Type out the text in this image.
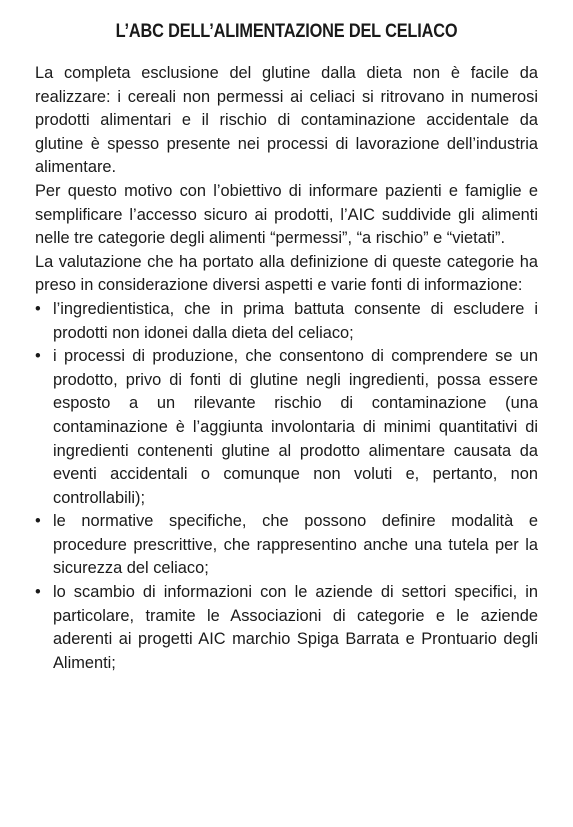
L’ABC DELL’ALIMENTAZIONE DEL CELIACO

La completa esclusione del glutine dalla dieta non è facile da realizzare: i cereali non permessi ai celiaci si ritrovano in numerosi prodotti alimentari e il rischio di contaminazione accidentale da glutine è spesso presente nei processi di lavorazione dell’industria alimentare.

Per questo motivo con l’obiettivo di informare pazienti e famiglie e semplificare l’accesso sicuro ai prodotti, l’AIC suddivide gli alimenti nelle tre categorie degli alimenti “permessi”, “a rischio” e “vietati”.

La valutazione che ha portato alla definizione di queste categorie ha preso in considerazione diversi aspetti e varie fonti di informazione:

• l’ingredientistica, che in prima battuta consente di escludere i prodotti non idonei dalla dieta del celiaco;
• i processi di produzione, che consentono di comprendere se un prodotto, privo di fonti di glutine negli ingredienti, possa essere esposto a un rilevante rischio di contaminazione (una contaminazione è l’aggiunta involontaria di minimi quantitativi di ingredienti contenenti glutine al prodotto alimentare causata da eventi accidentali o comunque non voluti e, pertanto, non controllabili);
• le normative specifiche, che possono definire modalità e procedure prescrittive, che rappresentino anche una tutela per la sicurezza del celiaco;
• lo scambio di informazioni con le aziende di settori specifici, in particolare, tramite le Associazioni di categorie e le aziende aderenti ai progetti AIC marchio Spiga Barrata e Prontuario degli Alimenti;
